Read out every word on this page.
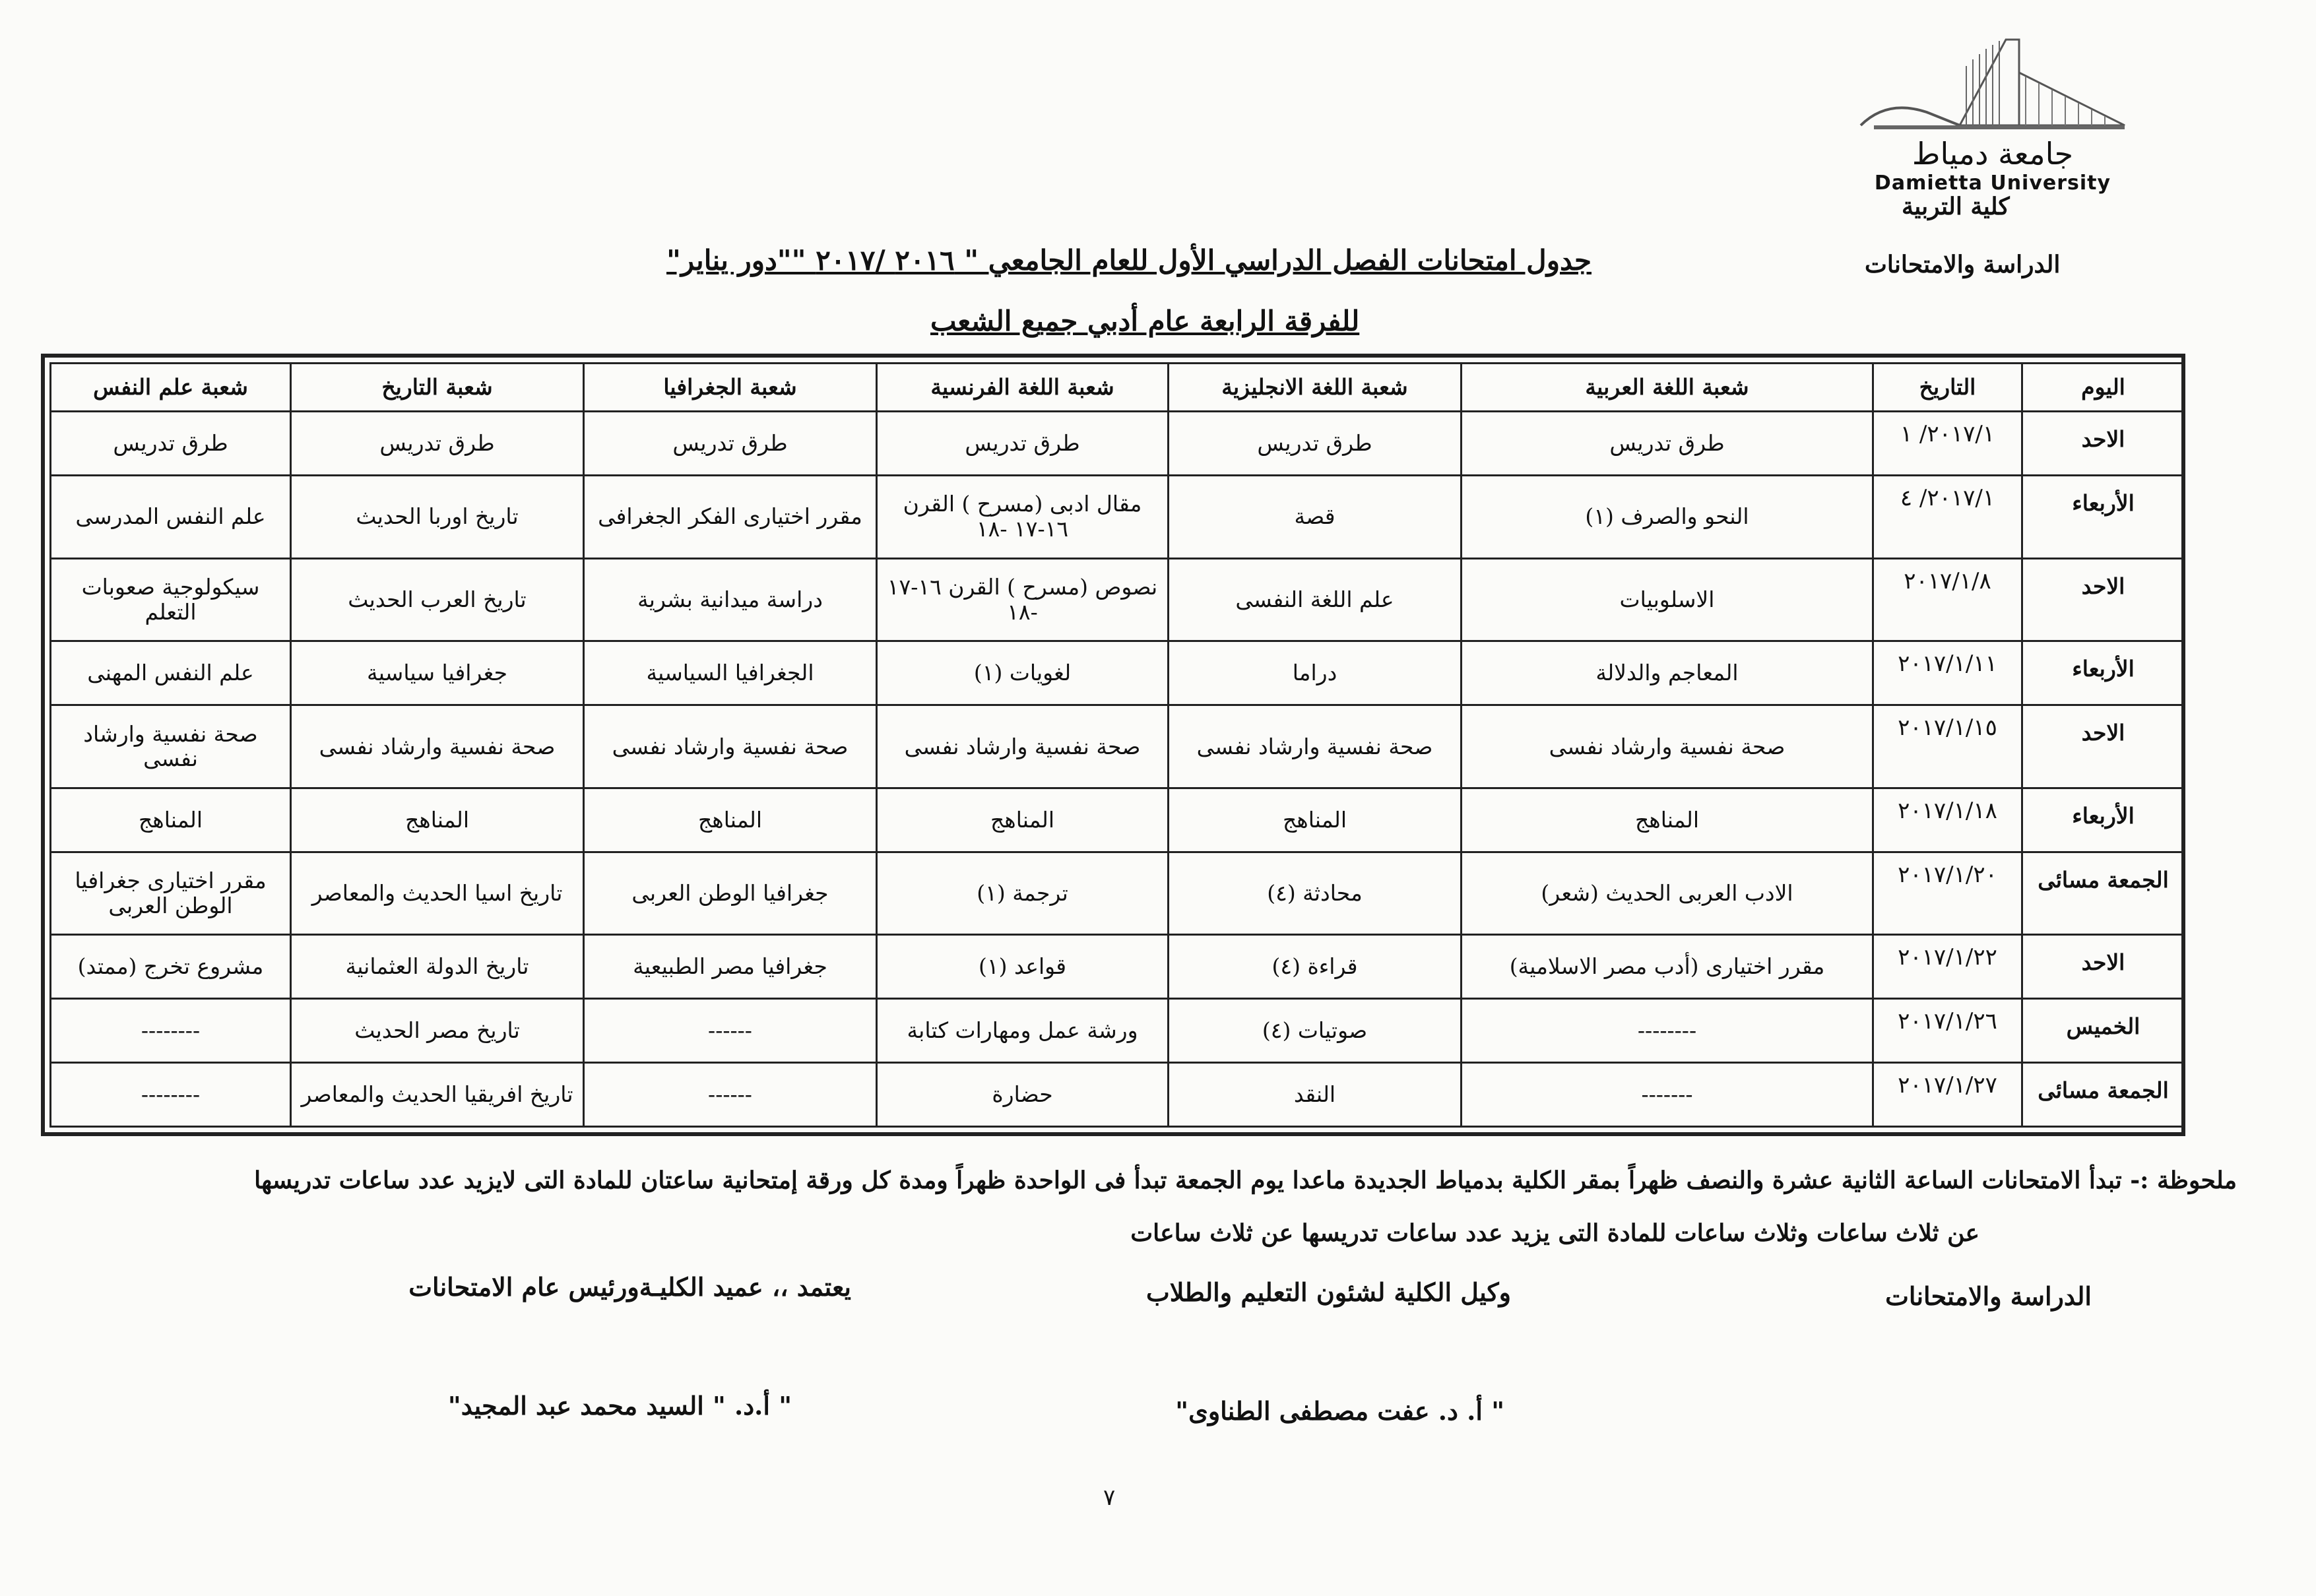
جامعة دمياط
Damietta University
كلية التربية
الدراسة والامتحانات
جدول امتحانات الفصل الدراسي الأول للعام الجامعي " ٢٠١٦ /٢٠١٧ ""دور يناير"
للفرقة الرابعة عام أدبي جميع الشعب
اليوم	التاريخ	شعبة اللغة العربية	شعبة اللغة الانجليزية	شعبة اللغة الفرنسية	شعبة الجغرافيا	شعبة التاريخ	شعبة علم النفس
الاحد	٢٠١٧/١/ ١	طرق تدريس	طرق تدريس	طرق تدريس	طرق تدريس	طرق تدريس	طرق تدريس
الأربعاء	٢٠١٧/١/ ٤	النحو والصرف (١)	قصة	مقال ادبى (مسرح ) القرن ١٦-١٧ -١٨	مقرر اختيارى الفكر الجغرافى	تاريخ اوربا الحديث	علم النفس المدرسى
الاحد	٢٠١٧/١/٨	الاسلوبيات	علم اللغة النفسى	نصوص (مسرح ) القرن ١٦-١٧ -١٨	دراسة ميدانية بشرية	تاريخ العرب الحديث	سيكولوجية صعوبات التعلم
الأربعاء	٢٠١٧/١/١١	المعاجم والدلالة	دراما	لغويات (١)	الجغرافيا السياسية	جغرافيا سياسية	علم النفس المهنى
الاحد	٢٠١٧/١/١٥	صحة نفسية وارشاد نفسى	صحة نفسية وارشاد نفسى	صحة نفسية وارشاد نفسى	صحة نفسية وارشاد نفسى	صحة نفسية وارشاد نفسى	صحة نفسية وارشاد نفسى
الأربعاء	٢٠١٧/١/١٨	المناهج	المناهج	المناهج	المناهج	المناهج	المناهج
الجمعة مسائى	٢٠١٧/١/٢٠	الادب العربى الحديث (شعر)	محادثة (٤)	ترجمة (١)	جغرافيا الوطن العربى	تاريخ اسيا الحديث والمعاصر	مقرر اختيارى جغرافيا الوطن العربى
الاحد	٢٠١٧/١/٢٢	مقرر اختيارى (أدب مصر الاسلامية)	قراءة (٤)	قواعد (١)	جغرافيا مصر الطبيعية	تاريخ الدولة العثمانية	مشروع تخرج (ممتد)
الخميس	٢٠١٧/١/٢٦	--------	صوتيات (٤)	ورشة عمل ومهارات كتابة	------	تاريخ مصر الحديث	--------
الجمعة مسائى	٢٠١٧/١/٢٧	-------	النقد	حضارة	------	تاريخ افريقيا الحديث والمعاصر	--------
ملحوظة :- تبدأ الامتحانات الساعة الثانية عشرة والنصف ظهراً بمقر الكلية بدمياط الجديدة ماعدا يوم الجمعة تبدأ فى الواحدة ظهراً ومدة كل ورقة إمتحانية ساعتان للمادة التى لايزيد عدد ساعات تدريسها
عن ثلاث ساعات وثلاث ساعات للمادة التى يزيد عدد ساعات تدريسها عن ثلاث ساعات
الدراسة والامتحانات
وكيل الكلية لشئون التعليم والطلاب
" أ. د. عفت مصطفى الطناوى"
يعتمد ،، عميد الكليـةورئيس عام الامتحانات
" أ.د. " السيد محمد عبد المجيد"
٧
